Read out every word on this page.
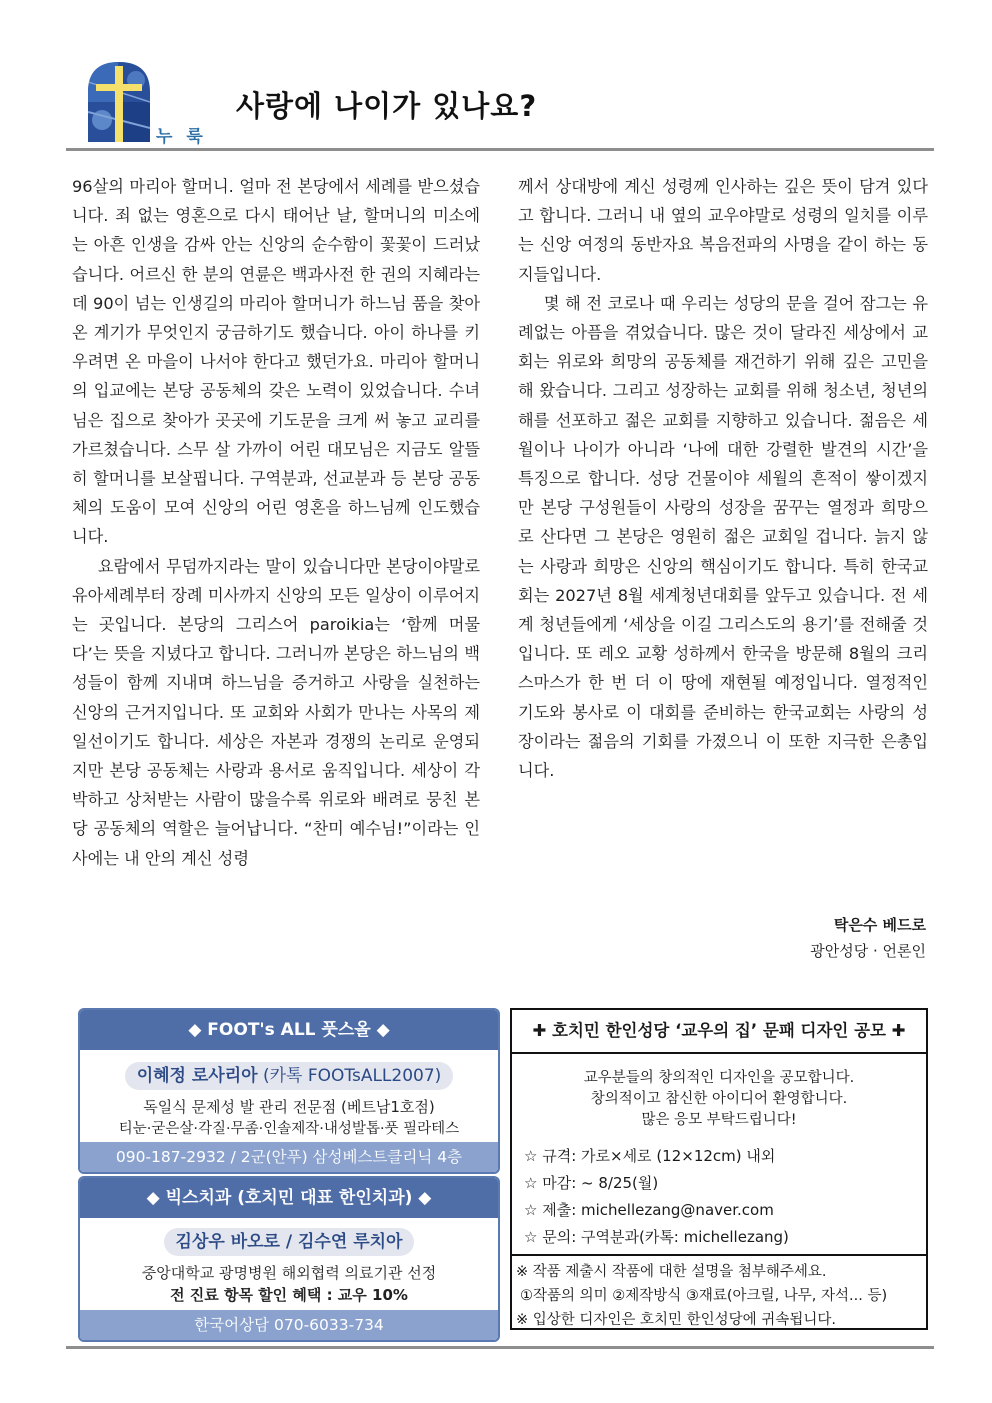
누 룩
사랑에 나이가 있나요?

96살의 마리아 할머니. 얼마 전 본당에서 세례를 받으셨습니다. 죄 없는 영혼으로 다시 태어난 날, 할머니의 미소에는 아흔 인생을 감싸 안는 신앙의 순수함이 꽃꽃이 드러났습니다. 어르신 한 분의 연륜은 백과사전 한 권의 지혜라는데 90이 넘는 인생길의 마리아 할머니가 하느님 품을 찾아 온 계기가 무엇인지 궁금하기도 했습니다. 아이 하나를 키우려면 온 마을이 나서야 한다고 했던가요. 마리아 할머니의 입교에는 본당 공동체의 갖은 노력이 있었습니다. 수녀님은 집으로 찾아가 곳곳에 기도문을 크게 써 놓고 교리를 가르쳤습니다. 스무 살 가까이 어린 대모님은 지금도 알뜰히 할머니를 보살핍니다. 구역분과, 선교분과 등 본당 공동체의 도움이 모여 신앙의 어린 영혼을 하느님께 인도했습니다.

요람에서 무덤까지라는 말이 있습니다만 본당이야말로 유아세례부터 장례 미사까지 신앙의 모든 일상이 이루어지는 곳입니다. 본당의 그리스어 paroikia는 ‘함께 머물다’는 뜻을 지녔다고 합니다. 그러니까 본당은 하느님의 백성들이 함께 지내며 하느님을 증거하고 사랑을 실천하는 신앙의 근거지입니다. 또 교회와 사회가 만나는 사목의 제일선이기도 합니다. 세상은 자본과 경쟁의 논리로 운영되지만 본당 공동체는 사랑과 용서로 움직입니다. 세상이 각박하고 상처받는 사람이 많을수록 위로와 배려로 뭉친 본당 공동체의 역할은 늘어납니다. “찬미 예수님!”이라는 인사에는 내 안의 계신 성령

께서 상대방에 계신 성령께 인사하는 깊은 뜻이 담겨 있다고 합니다. 그러니 내 옆의 교우야말로 성령의 일치를 이루는 신앙 여정의 동반자요 복음전파의 사명을 같이 하는 동지들입니다.

몇 해 전 코로나 때 우리는 성당의 문을 걸어 잠그는 유례없는 아픔을 겪었습니다. 많은 것이 달라진 세상에서 교회는 위로와 희망의 공동체를 재건하기 위해 깊은 고민을 해 왔습니다. 그리고 성장하는 교회를 위해 청소년, 청년의 해를 선포하고 젊은 교회를 지향하고 있습니다. 젊음은 세월이나 나이가 아니라 ‘나에 대한 강렬한 발견의 시간’을 특징으로 합니다. 성당 건물이야 세월의 흔적이 쌓이겠지만 본당 구성원들이 사랑의 성장을 꿈꾸는 열정과 희망으로 산다면 그 본당은 영원히 젊은 교회일 겁니다. 늙지 않는 사랑과 희망은 신앙의 핵심이기도 합니다. 특히 한국교회는 2027년 8월 세계청년대회를 앞두고 있습니다. 전 세계 청년들에게 ‘세상을 이길 그리스도의 용기’를 전해줄 것입니다. 또 레오 교황 성하께서 한국을 방문해 8월의 크리스마스가 한 번 더 이 땅에 재현될 예정입니다. 열정적인 기도와 봉사로 이 대회를 준비하는 한국교회는 사랑의 성장이라는 젊음의 기회를 가졌으니 이 또한 지극한 은총입니다.

탁은수 베드로
광안성당 · 언론인
◆ FOOT's ALL 풋스올 ◆
이혜정 로사리아 (카톡 FOOTsALL2007)
독일식 문제성 발 관리 전문점 (베트남1호점)
티눈·굳은살·각질·무좀·인솔제작·내성발톱·풋 필라테스
090-187-2932 / 2군(안푸) 삼성베스트클리닉 4층
◆ 빅스치과 (호치민 대표 한인치과) ◆
김상우 바오로 / 김수연 루치아
중앙대학교 광명병원 해외협력 의료기관 선정
전 진료 항목 할인 혜택 : 교우 10%
한국어상담 070-6033-734
✚ 호치민 한인성당 ‘교우의 집’ 문패 디자인 공모 ✚
교우분들의 창의적인 디자인을 공모합니다.
창의적이고 참신한 아이디어 환영합니다.
많은 응모 부탁드립니다!
☆ 규격: 가로×세로 (12×12cm) 내외
☆ 마감: ~ 8/25(월)
☆ 제출: michellezang@naver.com
☆ 문의: 구역분과(카톡: michellezang)
※ 작품 제출시 작품에 대한 설명을 첨부해주세요.
①작품의 의미 ②제작방식 ③재료(아크릴, 나무, 자석... 등)
※ 입상한 디자인은 호치민 한인성당에 귀속됩니다.
